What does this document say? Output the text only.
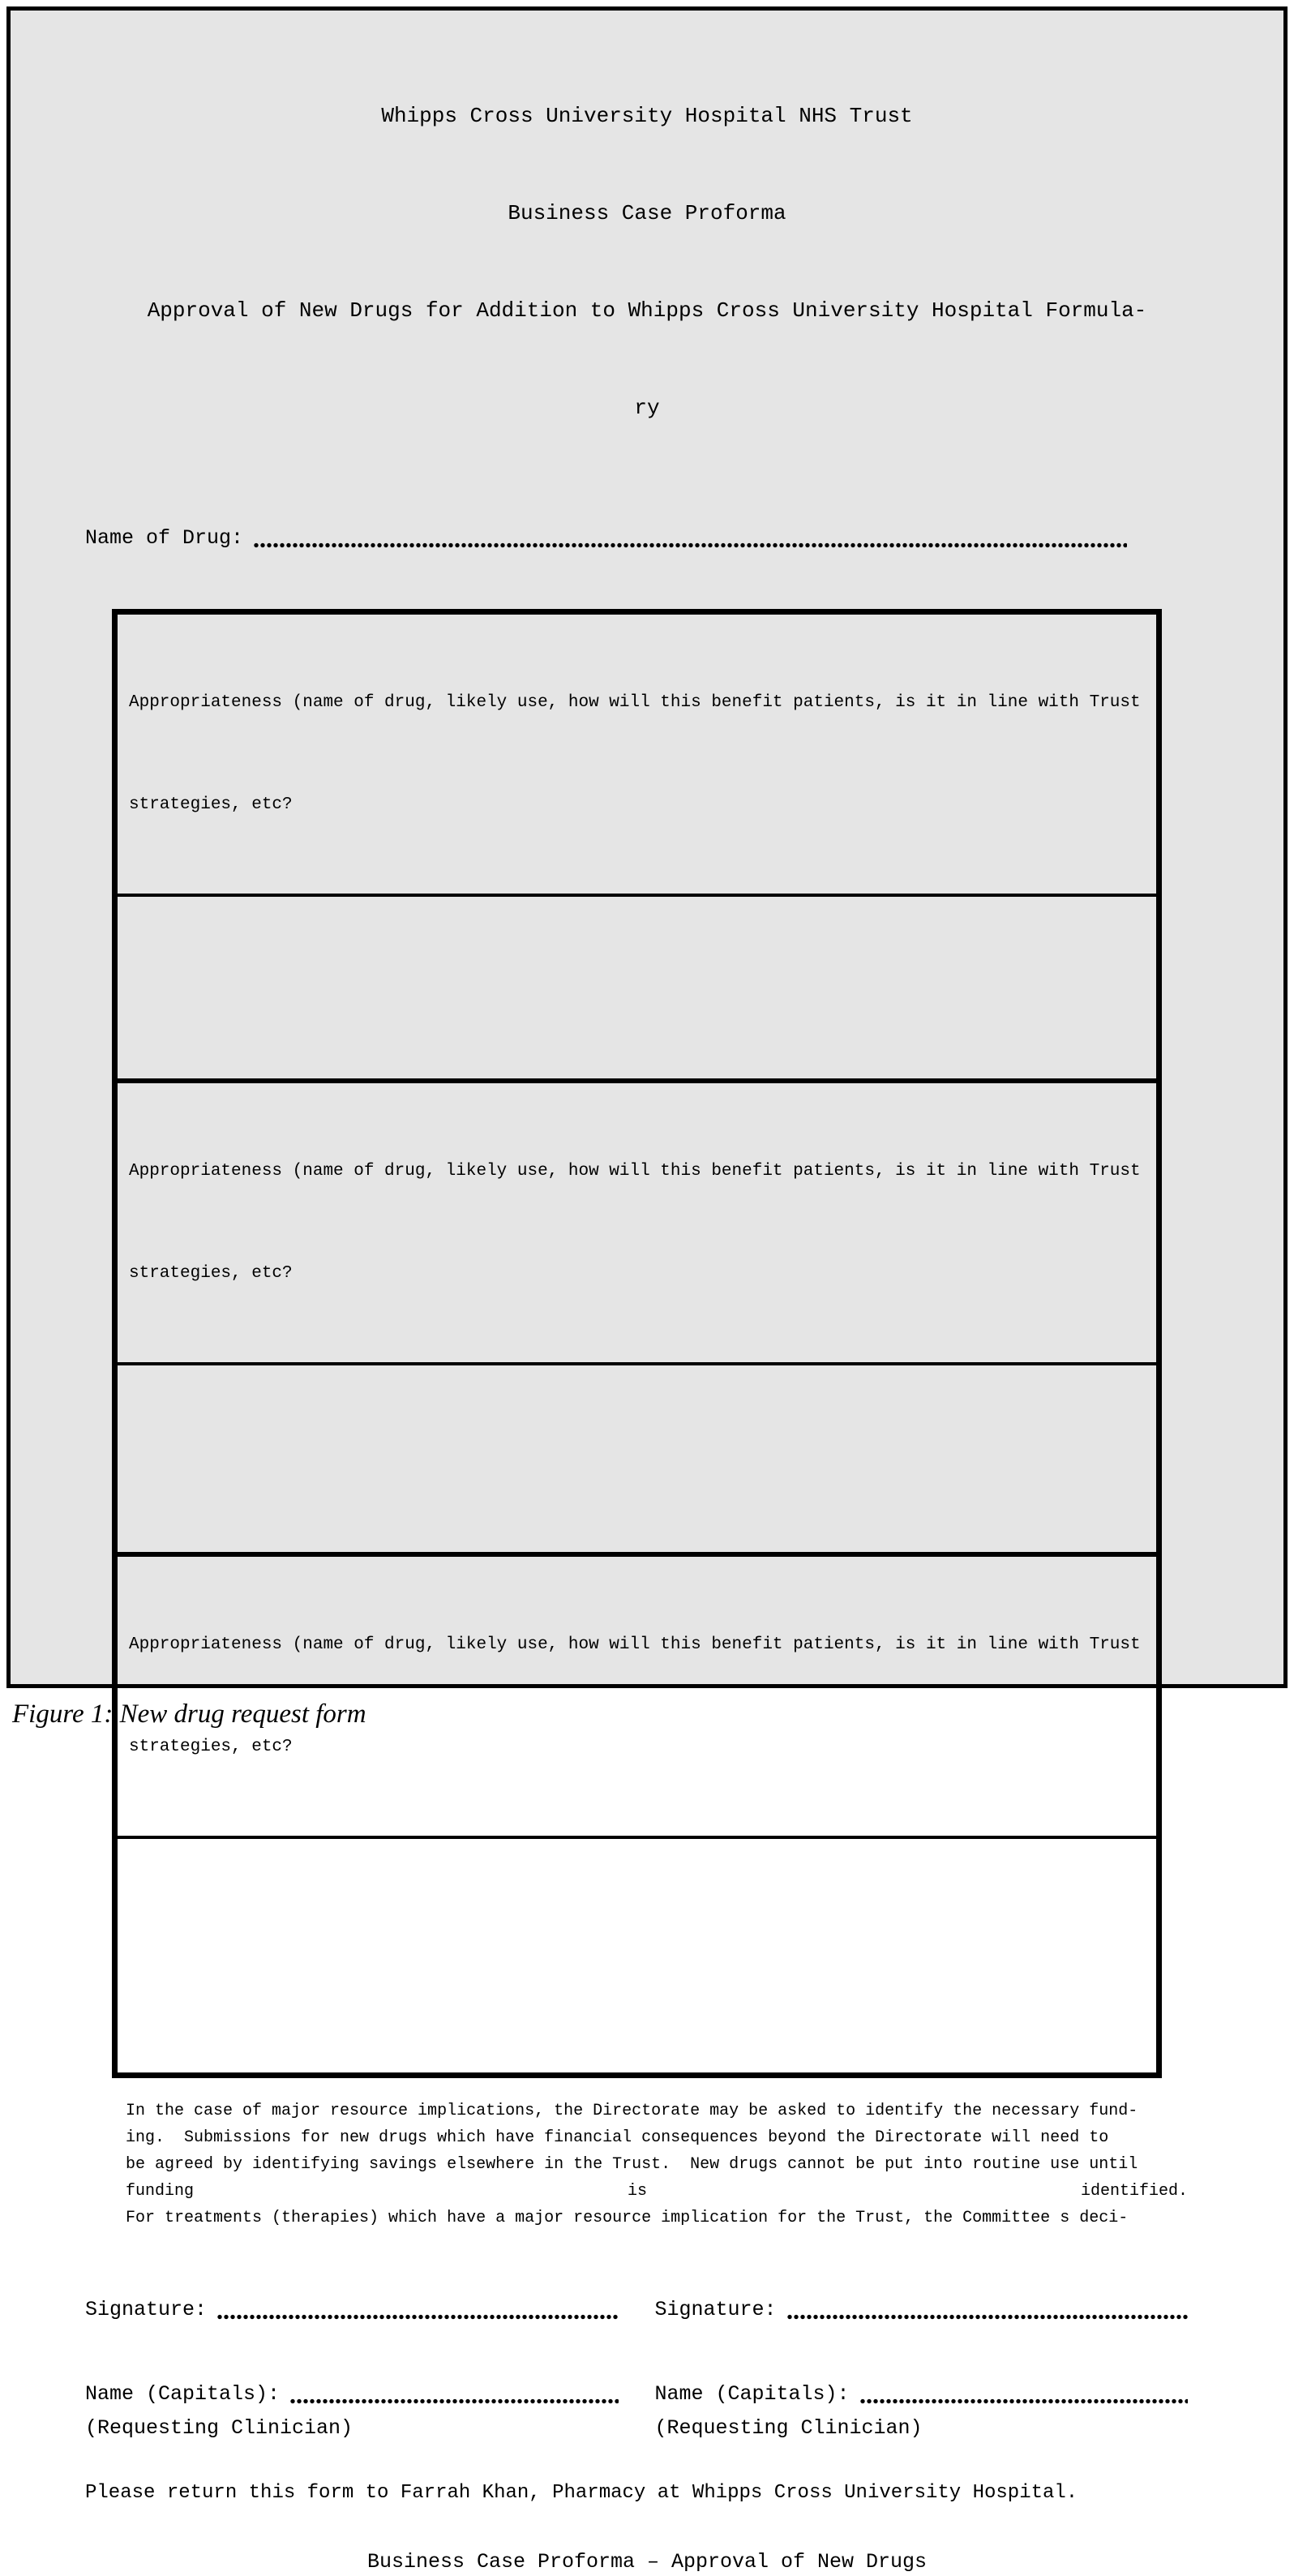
Whipps Cross University Hospital NHS Trust

Business Case Proforma

Approval of New Drugs for Addition to Whipps Cross University Hospital Formula-

ry

Name of Drug:

Appropriateness (name of drug, likely use, how will this benefit patients, is it in line with Trust

strategies, etc?

Appropriateness (name of drug, likely use, how will this benefit patients, is it in line with Trust

strategies, etc?

Appropriateness (name of drug, likely use, how will this benefit patients, is it in line with Trust

strategies, etc?

In the case of major resource implications, the Directorate may be asked to identify the necessary fund-
ing.  Submissions for new drugs which have financial consequences beyond the Directorate will need to
be agreed by identifying savings elsewhere in the Trust.  New drugs cannot be put into routine use until
funding	is	identified.
For treatments (therapies) which have a major resource implication for the Trust, the Committee s deci-
Signature:	Signature:
Name (Capitals):	Name (Capitals):
(Requesting Clinician)	(Requesting Clinician)
Please return this form to Farrah Khan, Pharmacy at Whipps Cross University Hospital.
Business Case Proforma – Approval of New Drugs
Figure 1: New drug request form
